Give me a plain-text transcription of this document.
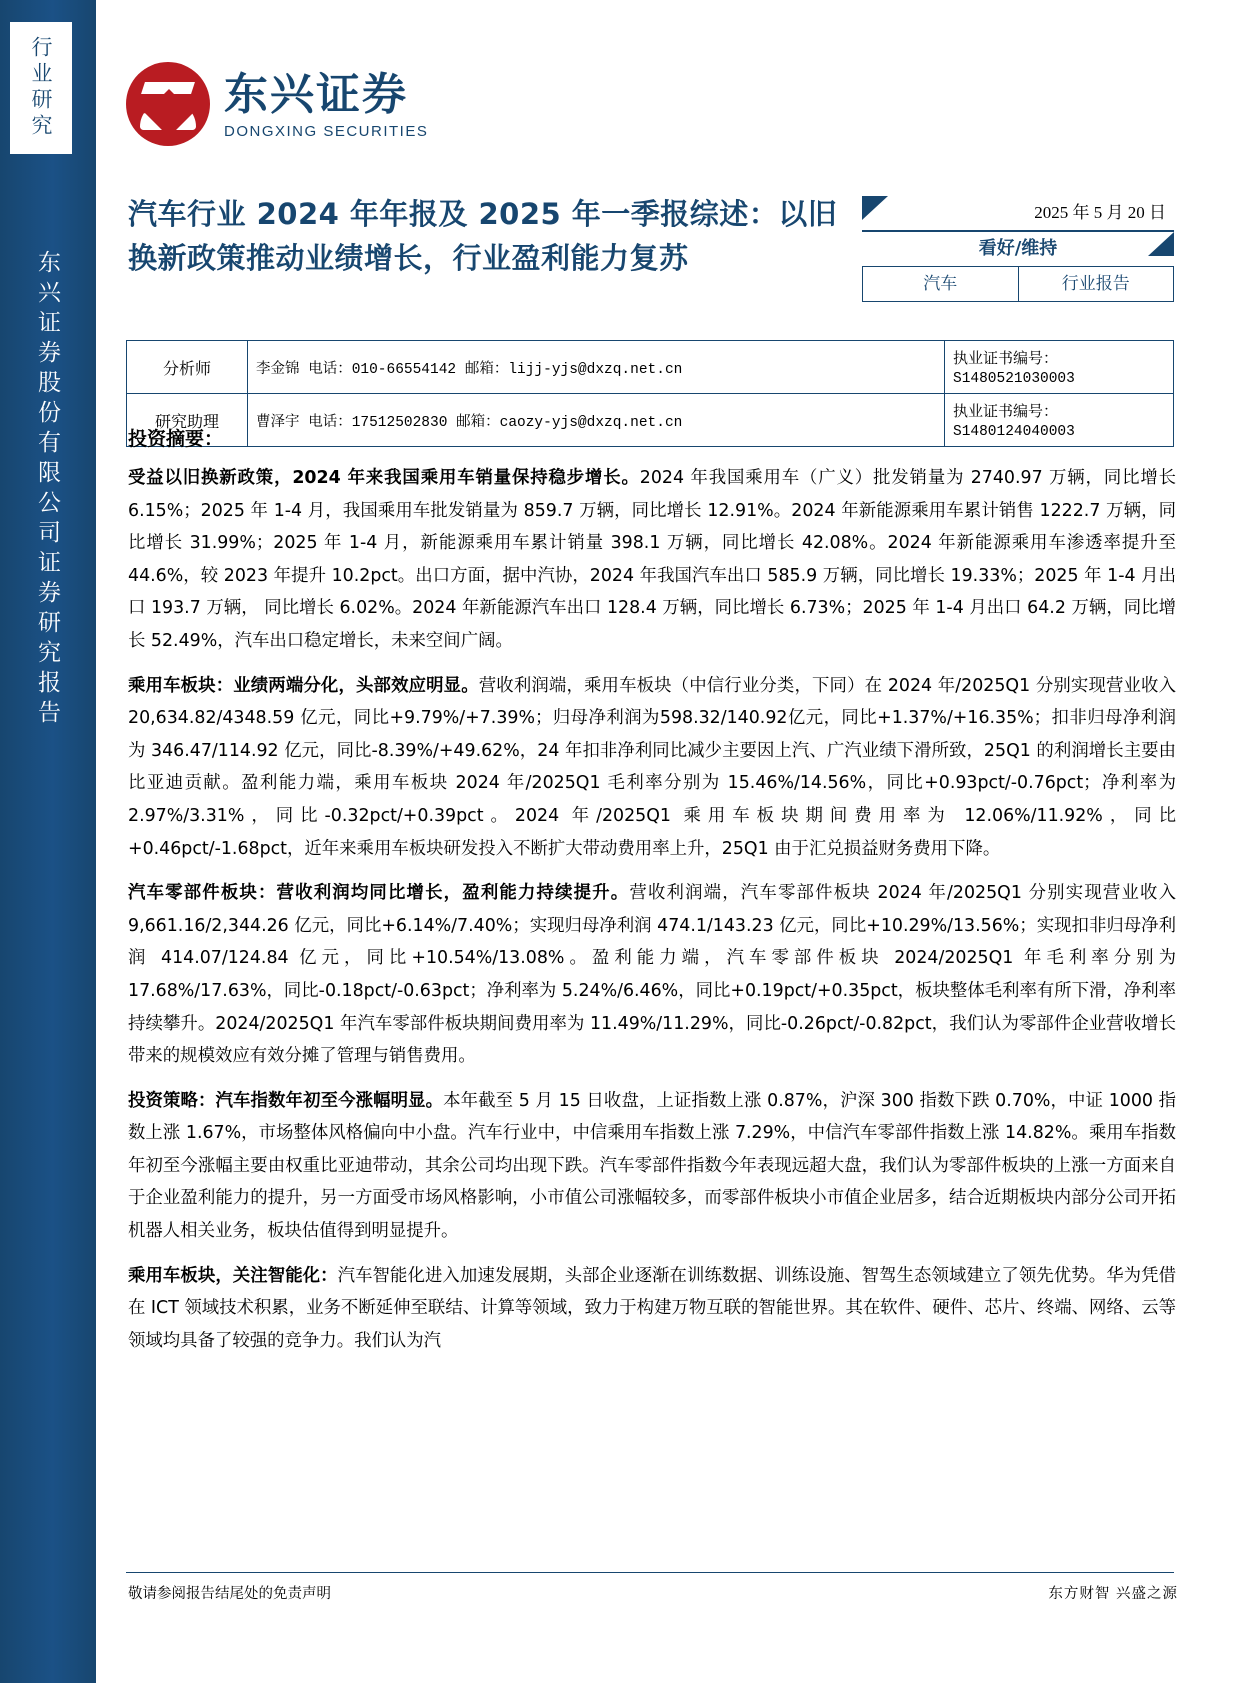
行业研究
东兴证券股份有限公司证券研究报告
东兴证券
DONGXING SECURITIES
汽车行业 2024 年年报及 2025 年一季报综述：以旧换新政策推动业绩增长，行业盈利能力复苏
2025 年 5 月 20 日
看好/维持
汽车	行业报告
分析师	李金锦 电话：010-66554142 邮箱：lijj-yjs@dxzq.net.cn	执业证书编号：S1480521030003
研究助理	曹泽宇 电话：17512502830 邮箱：caozy-yjs@dxzq.net.cn	执业证书编号：S1480124040003
投资摘要：

受益以旧换新政策，2024 年来我国乘用车销量保持稳步增长。2024 年我国乘用车（广义）批发销量为 2740.97 万辆，同比增长 6.15%；2025 年 1-4 月，我国乘用车批发销量为 859.7 万辆，同比增长 12.91%。2024 年新能源乘用车累计销售 1222.7 万辆，同比增长 31.99%；2025 年 1-4 月，新能源乘用车累计销量 398.1 万辆，同比增长 42.08%。2024 年新能源乘用车渗透率提升至 44.6%，较 2023 年提升 10.2pct。出口方面，据中汽协，2024 年我国汽车出口 585.9 万辆，同比增长 19.33%；2025 年 1-4 月出口 193.7 万辆， 同比增长 6.02%。2024 年新能源汽车出口 128.4 万辆，同比增长 6.73%；2025 年 1-4 月出口 64.2 万辆，同比增长 52.49%，汽车出口稳定增长，未来空间广阔。

乘用车板块：业绩两端分化，头部效应明显。营收利润端，乘用车板块（中信行业分类，下同）在 2024 年/2025Q1 分别实现营业收入20,634.82/4348.59 亿元，同比+9.79%/+7.39%；归母净利润为598.32/140.92亿元，同比+1.37%/+16.35%；扣非归母净利润为 346.47/114.92 亿元，同比-8.39%/+49.62%，24 年扣非净利同比减少主要因上汽、广汽业绩下滑所致，25Q1 的利润增长主要由比亚迪贡献。盈利能力端，乘用车板块 2024 年/2025Q1 毛利率分别为 15.46%/14.56%，同比+0.93pct/-0.76pct；净利率为 2.97%/3.31%，同比-0.32pct/+0.39pct。2024 年/2025Q1 乘用车板块期间费用率为 12.06%/11.92%，同比+0.46pct/-1.68pct，近年来乘用车板块研发投入不断扩大带动费用率上升，25Q1 由于汇兑损益财务费用下降。

汽车零部件板块：营收利润均同比增长，盈利能力持续提升。营收利润端，汽车零部件板块 2024 年/2025Q1 分别实现营业收入 9,661.16/2,344.26 亿元，同比+6.14%/7.40%；实现归母净利润 474.1/143.23 亿元，同比+10.29%/13.56%；实现扣非归母净利润 414.07/124.84 亿元，同比+10.54%/13.08%。盈利能力端，汽车零部件板块 2024/2025Q1 年毛利率分别为 17.68%/17.63%，同比-0.18pct/-0.63pct；净利率为 5.24%/6.46%，同比+0.19pct/+0.35pct，板块整体毛利率有所下滑，净利率持续攀升。2024/2025Q1 年汽车零部件板块期间费用率为 11.49%/11.29%，同比-0.26pct/-0.82pct，我们认为零部件企业营收增长带来的规模效应有效分摊了管理与销售费用。

投资策略：汽车指数年初至今涨幅明显。本年截至 5 月 15 日收盘，上证指数上涨 0.87%，沪深 300 指数下跌 0.70%，中证 1000 指数上涨 1.67%，市场整体风格偏向中小盘。汽车行业中，中信乘用车指数上涨 7.29%，中信汽车零部件指数上涨 14.82%。乘用车指数年初至今涨幅主要由权重比亚迪带动，其余公司均出现下跌。汽车零部件指数今年表现远超大盘，我们认为零部件板块的上涨一方面来自于企业盈利能力的提升，另一方面受市场风格影响，小市值公司涨幅较多，而零部件板块小市值企业居多，结合近期板块内部分公司开拓机器人相关业务，板块估值得到明显提升。

乘用车板块，关注智能化：汽车智能化进入加速发展期，头部企业逐渐在训练数据、训练设施、智驾生态领域建立了领先优势。华为凭借在 ICT 领域技术积累，业务不断延伸至联结、计算等领域，致力于构建万物互联的智能世界。其在软件、硬件、芯片、终端、网络、云等领域均具备了较强的竞争力。我们认为汽

敬请参阅报告结尾处的免责声明	东方财智 兴盛之源
